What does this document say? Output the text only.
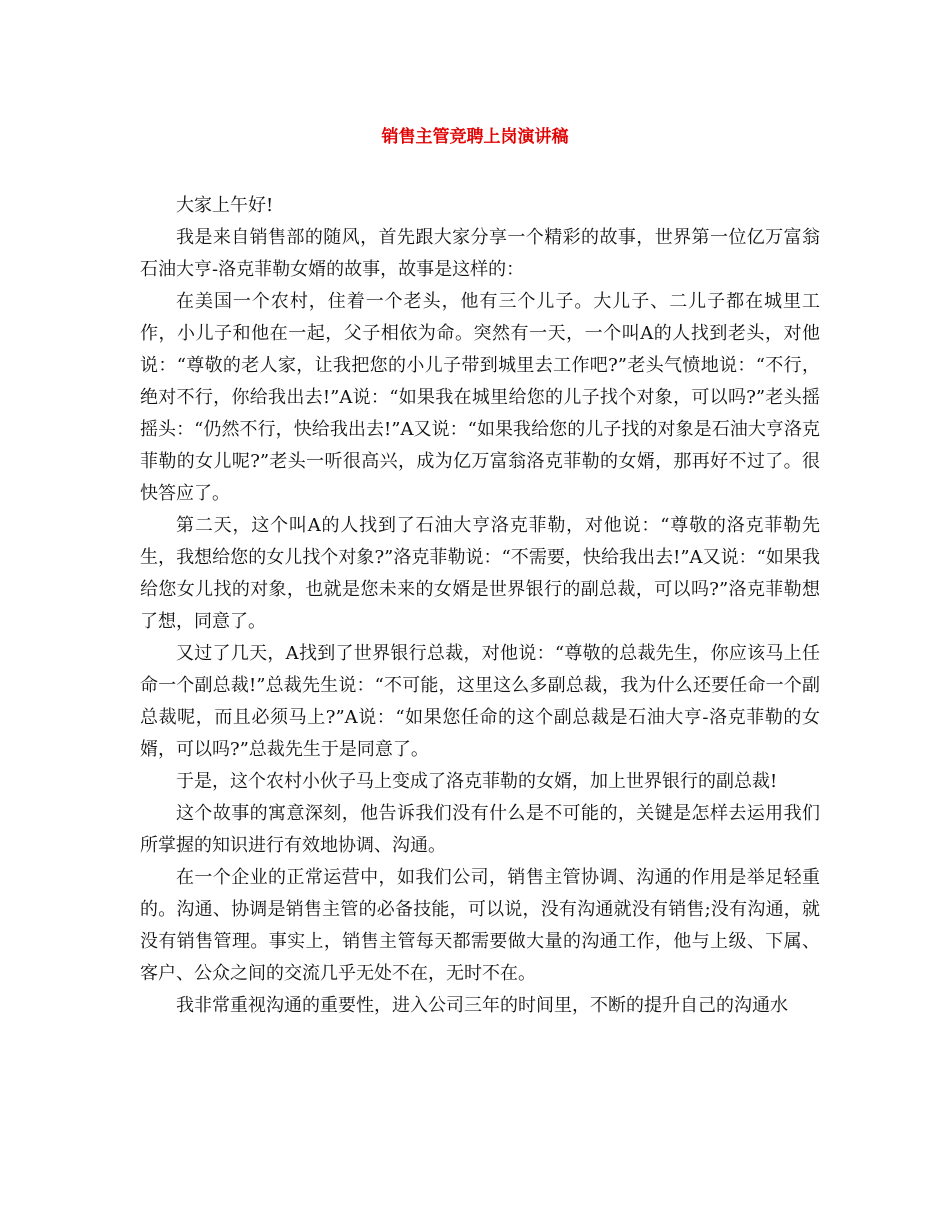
销售主管竞聘上岗演讲稿

大家上午好!

我是来自销售部的随风，首先跟大家分享一个精彩的故事，世界第一位亿万富翁石油大亨-洛克菲勒女婿的故事，故事是这样的：

在美国一个农村，住着一个老头，他有三个儿子。大儿子、二儿子都在城里工作，小儿子和他在一起，父子相依为命。突然有一天，一个叫A的人找到老头，对他说：“尊敬的老人家，让我把您的小儿子带到城里去工作吧?”老头气愤地说：“不行，绝对不行，你给我出去!”A说：“如果我在城里给您的儿子找个对象，可以吗?”老头摇摇头：“仍然不行，快给我出去!”A又说：“如果我给您的儿子找的对象是石油大亨洛克菲勒的女儿呢?”老头一听很高兴，成为亿万富翁洛克菲勒的女婿，那再好不过了。很快答应了。

第二天，这个叫A的人找到了石油大亨洛克菲勒，对他说：“尊敬的洛克菲勒先生，我想给您的女儿找个对象?”洛克菲勒说：“不需要，快给我出去!”A又说：“如果我给您女儿找的对象，也就是您未来的女婿是世界银行的副总裁，可以吗?”洛克菲勒想了想，同意了。

又过了几天，A找到了世界银行总裁，对他说：“尊敬的总裁先生，你应该马上任命一个副总裁!”总裁先生说：“不可能，这里这么多副总裁，我为什么还要任命一个副总裁呢，而且必须马上?”A说：“如果您任命的这个副总裁是石油大亨-洛克菲勒的女婿，可以吗?”总裁先生于是同意了。

于是，这个农村小伙子马上变成了洛克菲勒的女婿，加上世界银行的副总裁!

这个故事的寓意深刻，他告诉我们没有什么是不可能的，关键是怎样去运用我们所掌握的知识进行有效地协调、沟通。

在一个企业的正常运营中，如我们公司，销售主管协调、沟通的作用是举足轻重的。沟通、协调是销售主管的必备技能，可以说，没有沟通就没有销售;没有沟通，就没有销售管理。事实上，销售主管每天都需要做大量的沟通工作，他与上级、下属、客户、公众之间的交流几乎无处不在，无时不在。

我非常重视沟通的重要性，进入公司三年的时间里，不断的提升自己的沟通水
